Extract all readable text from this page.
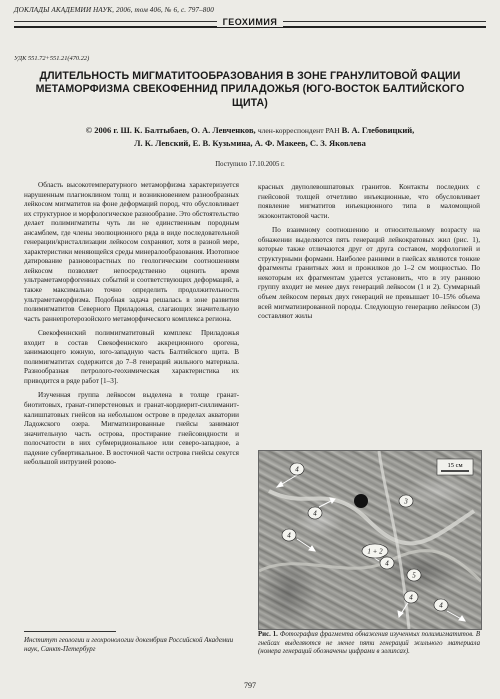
ДОКЛАДЫ АКАДЕМИИ НАУК, 2006, том 406, № 6, с. 797–800
ГЕОХИМИЯ
УДК 551.72+551.21(470.22)
ДЛИТЕЛЬНОСТЬ МИГМАТИТООБРАЗОВАНИЯ В ЗОНЕ ГРАНУЛИТОВОЙ ФАЦИИ МЕТАМОРФИЗМА СВЕКОФЕННИД ПРИЛАДОЖЬЯ (ЮГО-ВОСТОК БАЛТИЙСКОГО ЩИТА)
© 2006 г. Ш. К. Балтыбаев, О. А. Левченков, член-корреспондент РАН В. А. Глебовицкий,
Л. К. Левский, Е. В. Кузьмина, А. Ф. Макеев, С. З. Яковлева
Поступило 17.10.2005 г.

Область высокотемпературного метаморфизма характеризуется нарушенным плагиоклином толщ и возникновением разнообразных лейкосом мигматитов на фоне деформаций пород, что обусловливает их структурное и морфологическое разнообразие. Это обстоятельство делает полимигматиты чуть ли не единственным породным ансамблем, где члены эволюционного ряда в виде последовательной генерации/кристаллизации лейкосом сохраняют, хотя в разной мере, характеристики меняющейся среды минералообразования. Изотопное датирование разновозрастных по геологическим соотношениям лейкосом позволяет непосредственно оценить время ультраметаморфогенных событий и соответствующих деформаций, а также максимально точно определить продолжительность ультраметаморфизма. Подобная задача решалась в зоне развития полимигматитов Северного Приладожья, слагающих значительную часть раннепротерозойского метаморфического комплекса региона.

Свекофеннский полимигматитовый комплекс Приладожья входит в состав Свекофеннского аккреционного орогена, занимающего южную, юго-западную часть Балтийского щита. В полимигматитах содержится до 7–8 генераций жильного материала. Разнообразная петролого-геохимическая характеристика их приводится в ряде работ [1–3].

Изученная группа лейкосом выделена в толще гранат-биотитовых, гранат-гиперстеновых и гранат-кордиерит-силлиманит-калишпатовых гнейсов на небольшом острове в пределах акватории Ладожского озера. Мигматизированные гнейсы занимают значительную часть острова, простирание гнейсовидности и полосчатости в них субмеридиональное или северо-западное, а падение субвертикальное. В восточной части острова гнейсы секутся небольшой интрузией розово-

красных двуполевошпатовых гранитов. Контакты последних с гнейсовой толщей отчетливо инъекционные, что обусловливает появление мигматитов инъекционного типа в маломощной экзоконтактовой части.

По взаимному соотношению и относительному возрасту на обнажении выделяются пять генераций лейкократовых жил (рис. 1), которые также отличаются друг от друга составом, морфологией и структурными формами. Наиболее ранними в гнейсах являются тонкие фрагменты гранитных жил и прожилков до 1–2 см мощностью. По некоторым их фрагментам удается установить, что в эту раннюю группу входит не менее двух генераций лейкосом (1 и 2). Суммарный объем лейкосом первых двух генераций не превышает 10–15% объема всей мигматизированной породы. Следующую генерацию лейкосом (3) составляют жилы

15 см
4
4
3
4
4
1 + 2
5
4
4
Рис. 1. Фотография фрагмента обнажения изученных полимигматитов. В гнейсах выделяются не менее пяти генераций жильного материала (номера генераций обозначены цифрами в эллипсах).
Институт геологии и геохронологии докембрия Российской Академии наук, Санкт-Петербург
797
